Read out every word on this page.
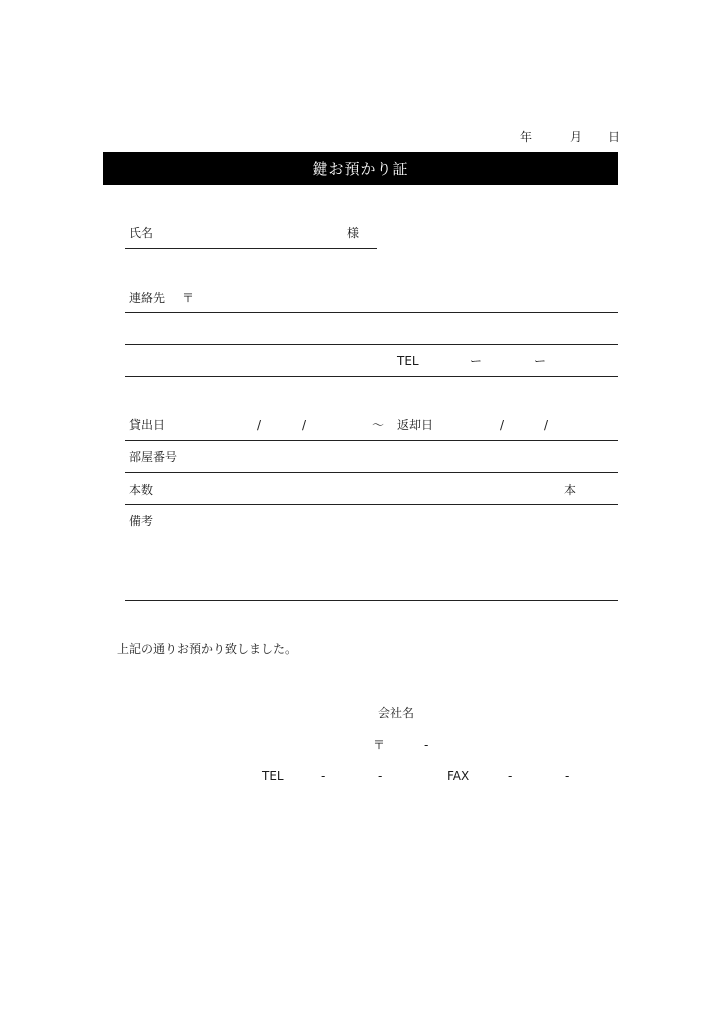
年	月 日
鍵お預かり証
氏名	様
連絡先 〒
TEL	ー	ー
貸出日	/	/	～ 返却日	/	/
部屋番号
本数	本
備考
上記の通りお預かり致しました。
会社名
〒	-
TEL	-	-	FAX	-	-
